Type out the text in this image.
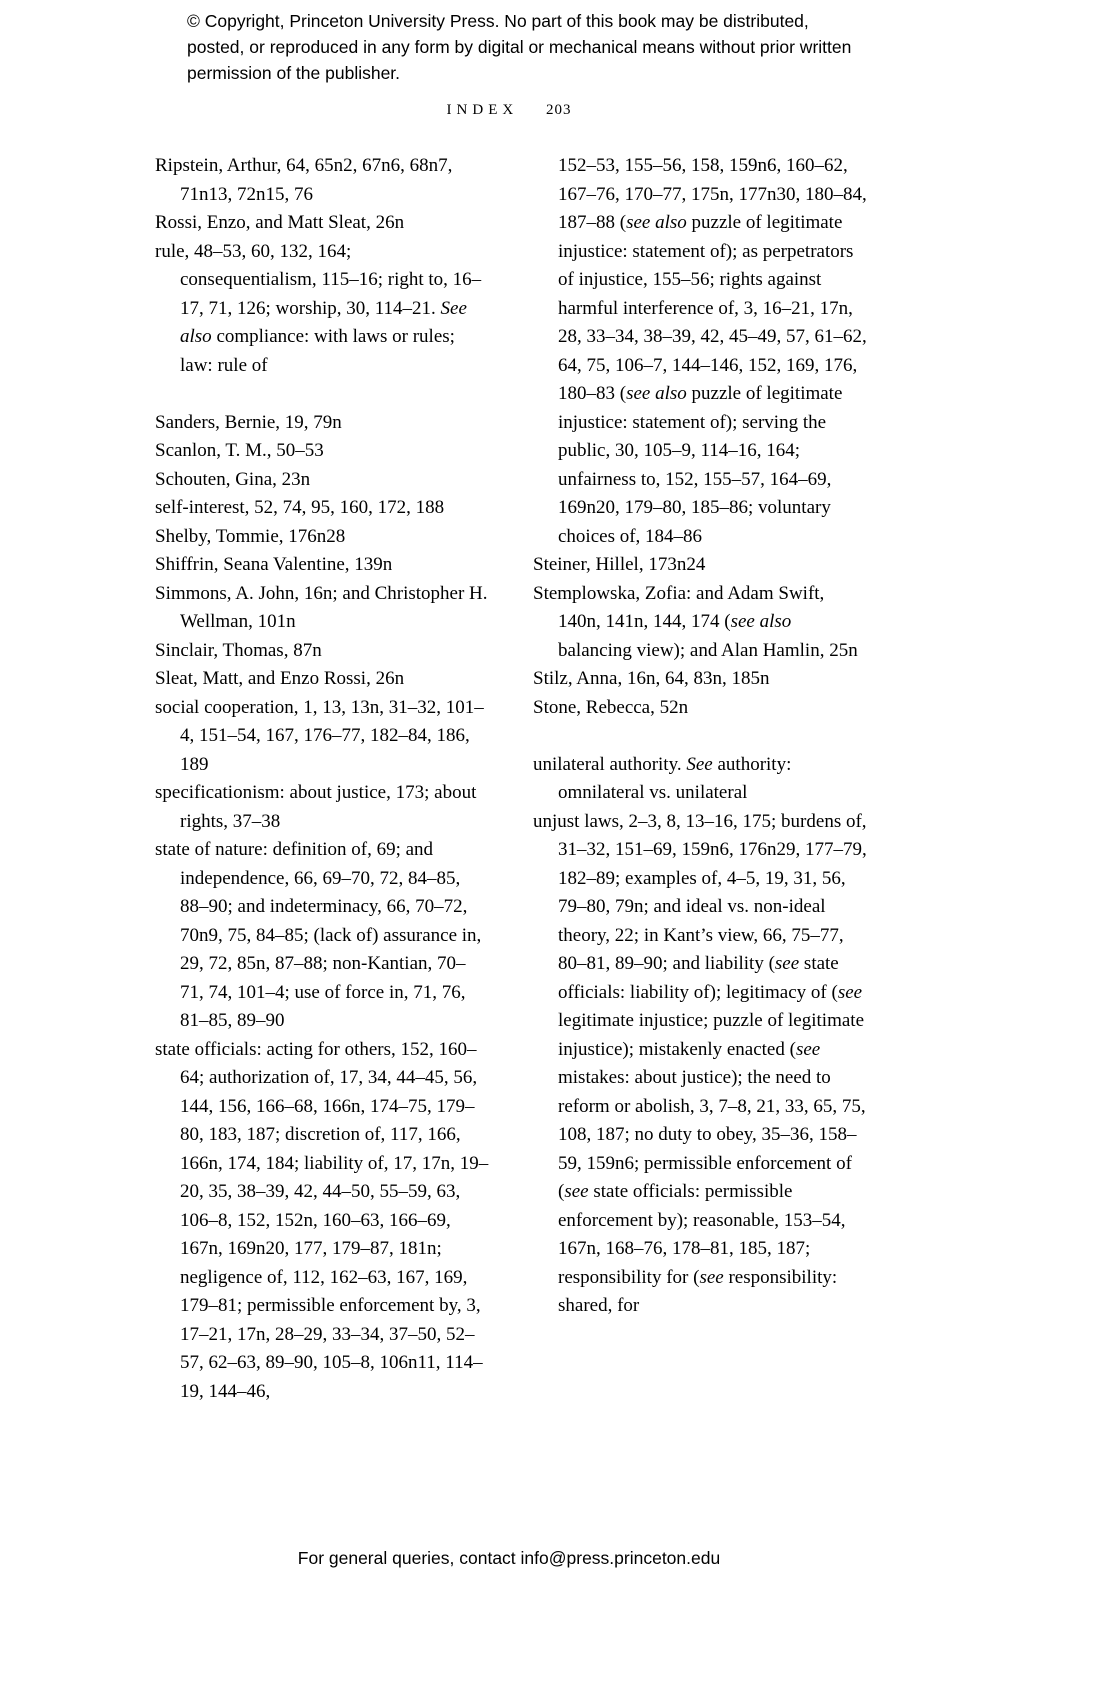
© Copyright, Princeton University Press. No part of this book may be distributed, posted, or reproduced in any form by digital or mechanical means without prior written permission of the publisher.
INDEX 203

Ripstein, Arthur, 64, 65n2, 67n6, 68n7, 71n13, 72n15, 76

Rossi, Enzo, and Matt Sleat, 26n

rule, 48–53, 60, 132, 164; consequentialism, 115–16; right to, 16–17, 71, 126; worship, 30, 114–21. See also compliance: with laws or rules; law: rule of

Sanders, Bernie, 19, 79n

Scanlon, T. M., 50–53

Schouten, Gina, 23n

self-interest, 52, 74, 95, 160, 172, 188

Shelby, Tommie, 176n28

Shiffrin, Seana Valentine, 139n

Simmons, A. John, 16n; and Christopher H. Wellman, 101n

Sinclair, Thomas, 87n

Sleat, Matt, and Enzo Rossi, 26n

social cooperation, 1, 13, 13n, 31–32, 101–4, 151–54, 167, 176–77, 182–84, 186, 189

specificationism: about justice, 173; about rights, 37–38

state of nature: definition of, 69; and independence, 66, 69–70, 72, 84–85, 88–90; and indeterminacy, 66, 70–72, 70n9, 75, 84–85; (lack of) assurance in, 29, 72, 85n, 87–88; non-Kantian, 70–71, 74, 101–4; use of force in, 71, 76, 81–85, 89–90

state officials: acting for others, 152, 160–64; authorization of, 17, 34, 44–45, 56, 144, 156, 166–68, 166n, 174–75, 179–80, 183, 187; discretion of, 117, 166, 166n, 174, 184; liability of, 17, 17n, 19–20, 35, 38–39, 42, 44–50, 55–59, 63, 106–8, 152, 152n, 160–63, 166–69, 167n, 169n20, 177, 179–87, 181n; negligence of, 112, 162–63, 167, 169, 179–81; permissible enforcement by, 3, 17–21, 17n, 28–29, 33–34, 37–50, 52–57, 62–63, 89–90, 105–8, 106n11, 114–19, 144–46,

152–53, 155–56, 158, 159n6, 160–62, 167–76, 170–77, 175n, 177n30, 180–84, 187–88 (see also puzzle of legitimate injustice: statement of); as perpetrators of injustice, 155–56; rights against harmful interference of, 3, 16–21, 17n, 28, 33–34, 38–39, 42, 45–49, 57, 61–62, 64, 75, 106–7, 144–146, 152, 169, 176, 180–83 (see also puzzle of legitimate injustice: statement of); serving the public, 30, 105–9, 114–16, 164; unfairness to, 152, 155–57, 164–69, 169n20, 179–80, 185–86; voluntary choices of, 184–86

Steiner, Hillel, 173n24

Stemplowska, Zofia: and Adam Swift, 140n, 141n, 144, 174 (see also balancing view); and Alan Hamlin, 25n

Stilz, Anna, 16n, 64, 83n, 185n

Stone, Rebecca, 52n

unilateral authority. See authority: omnilateral vs. unilateral

unjust laws, 2–3, 8, 13–16, 175; burdens of, 31–32, 151–69, 159n6, 176n29, 177–79, 182–89; examples of, 4–5, 19, 31, 56, 79–80, 79n; and ideal vs. non-ideal theory, 22; in Kant’s view, 66, 75–77, 80–81, 89–90; and liability (see state officials: liability of); legitimacy of (see legitimate injustice; puzzle of legitimate injustice); mistakenly enacted (see mistakes: about justice); the need to reform or abolish, 3, 7–8, 21, 33, 65, 75, 108, 187; no duty to obey, 35–36, 158–59, 159n6; permissible enforcement of (see state officials: permissible enforcement by); reasonable, 153–54, 167n, 168–76, 178–81, 185, 187; responsibility for (see responsibility: shared, for

For general queries, contact info@press.princeton.edu
